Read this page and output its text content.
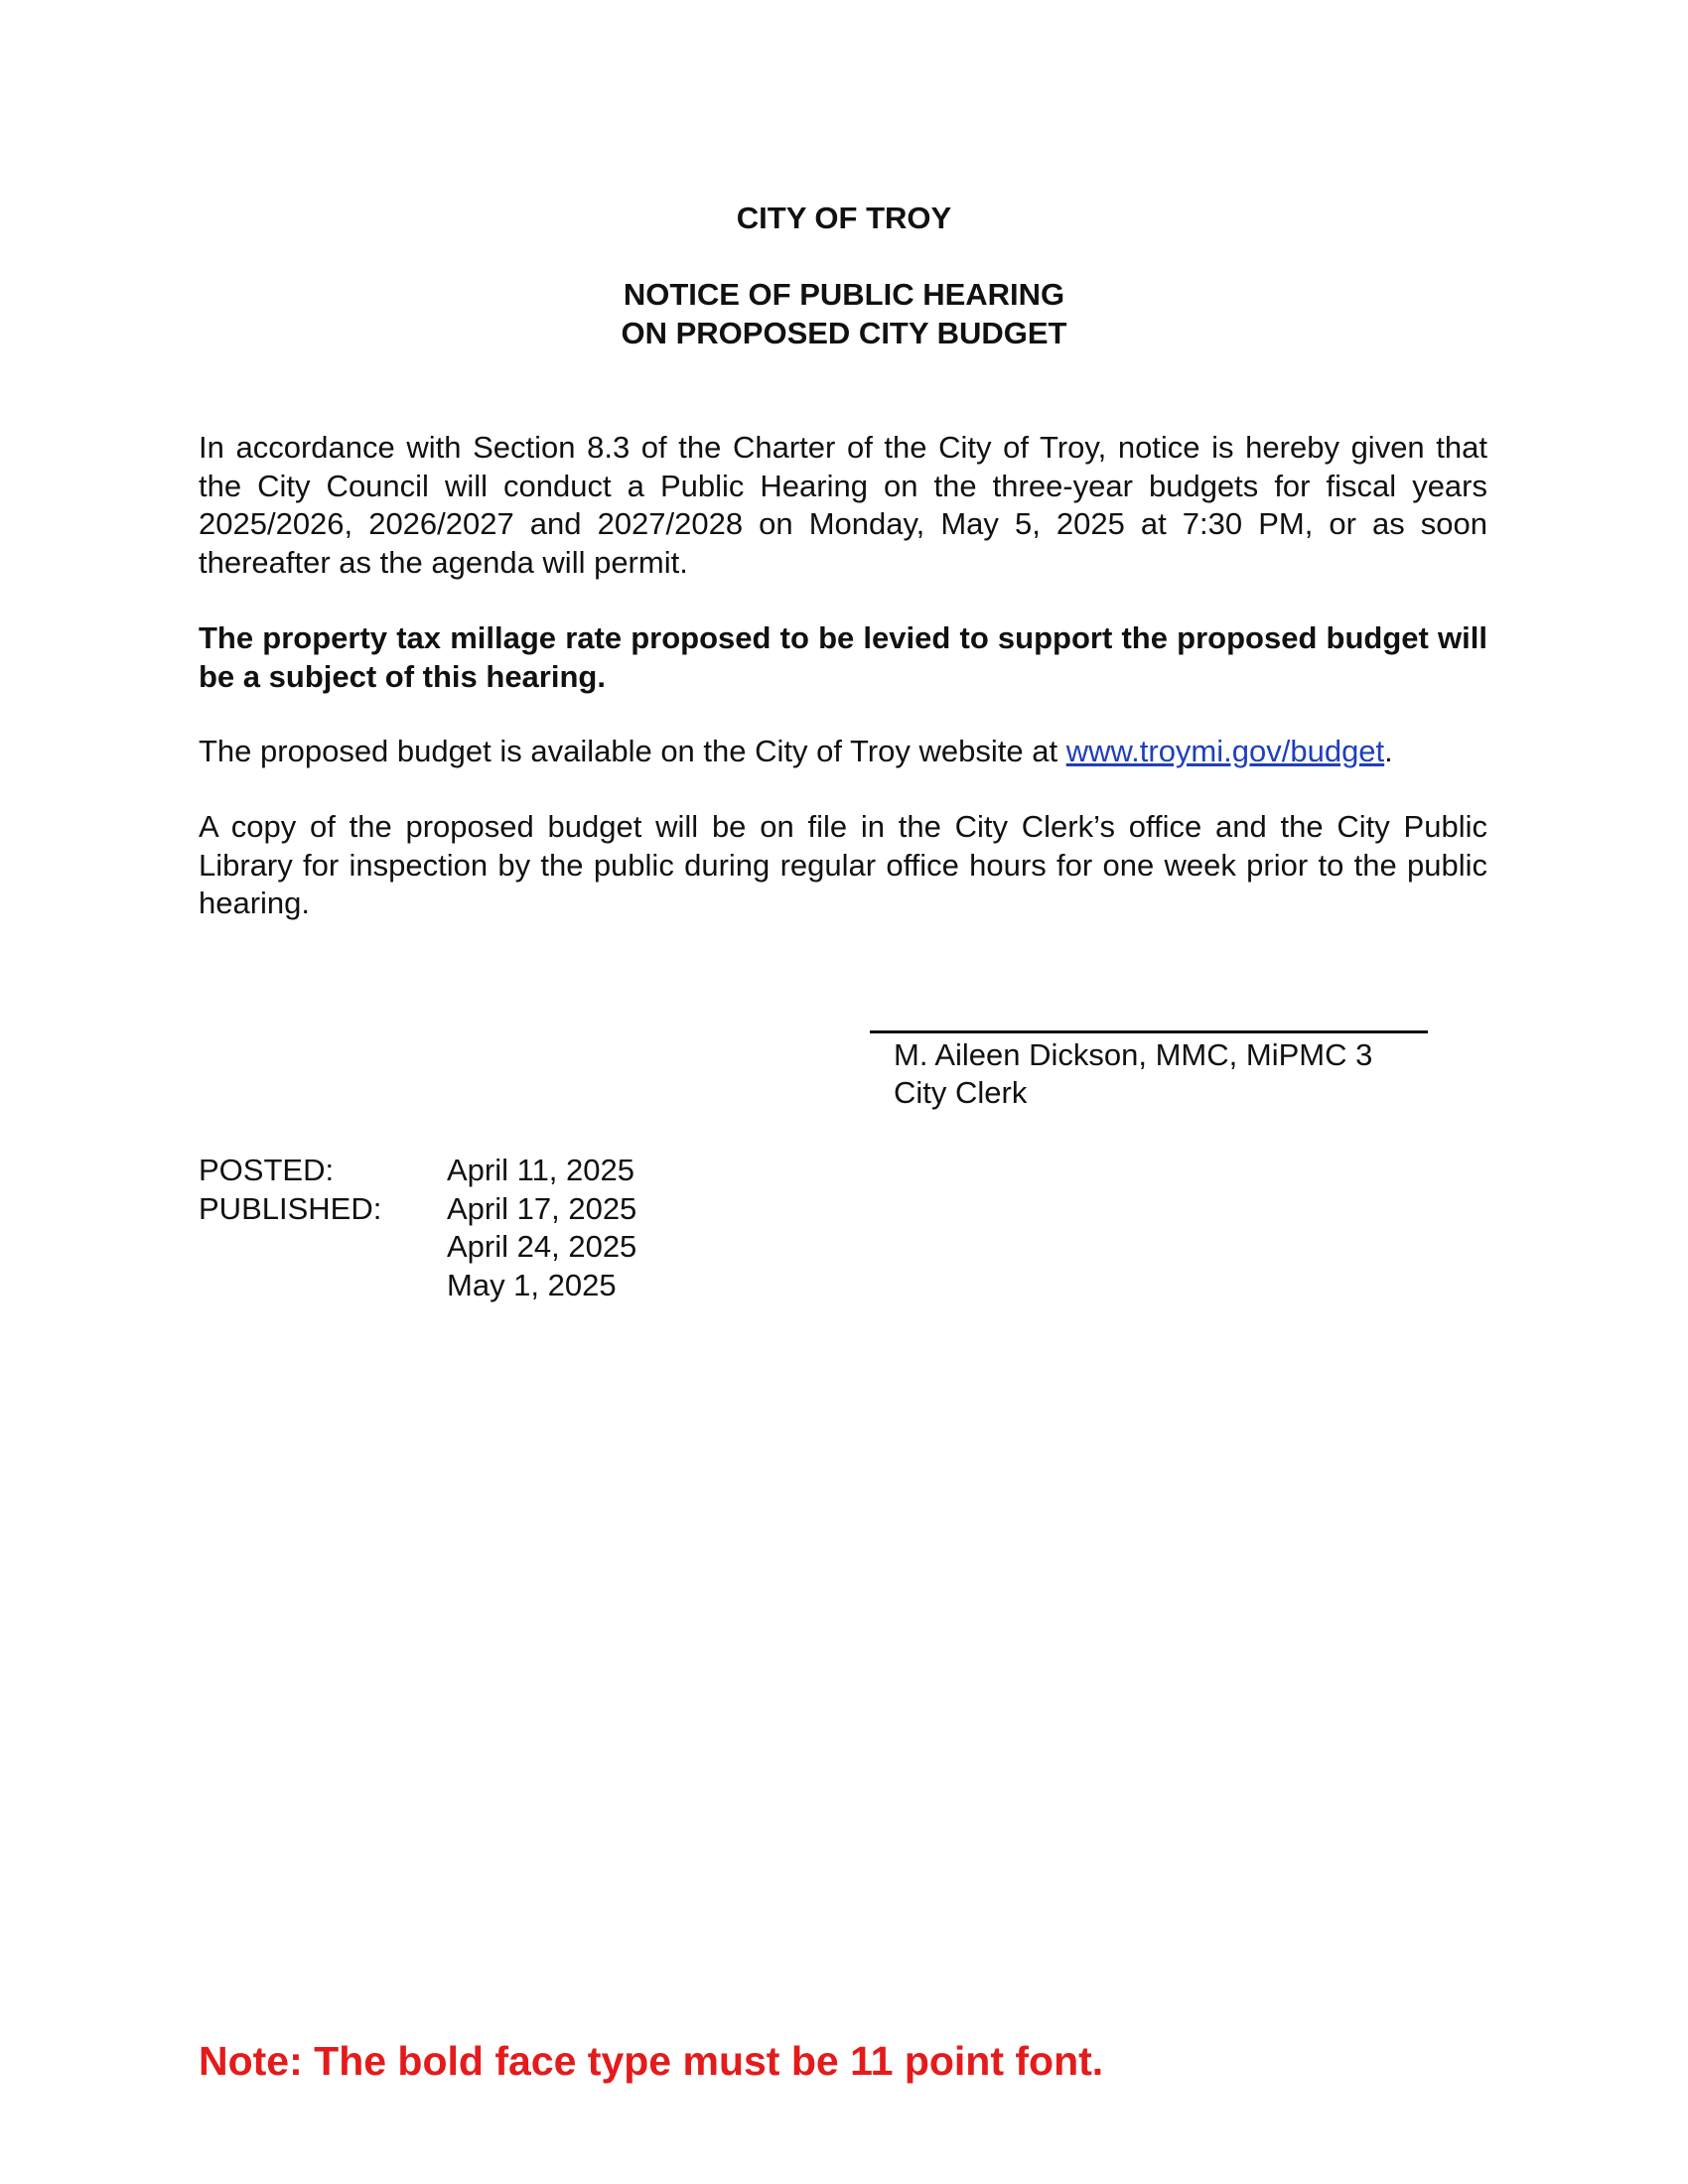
CITY OF TROY
NOTICE OF PUBLIC HEARING
ON PROPOSED CITY BUDGET

In accordance with Section 8.3 of the Charter of the City of Troy, notice is hereby given that the City Council will conduct a Public Hearing on the three-year budgets for fiscal years 2025/2026, 2026/2027 and 2027/2028 on Monday, May 5, 2025 at 7:30 PM, or as soon thereafter as the agenda will permit.

The property tax millage rate proposed to be levied to support the proposed budget will be a subject of this hearing.

The proposed budget is available on the City of Troy website at www.troymi.gov/budget.

A copy of the proposed budget will be on file in the City Clerk’s office and the City Public Library for inspection by the public during regular office hours for one week prior to the public hearing.

M. Aileen Dickson, MMC, MiPMC 3

City Clerk

POSTED:	April 11, 2025
PUBLISHED:	April 17, 2025
April 24, 2025
May 1, 2025

Note: The bold face type must be 11 point font.
